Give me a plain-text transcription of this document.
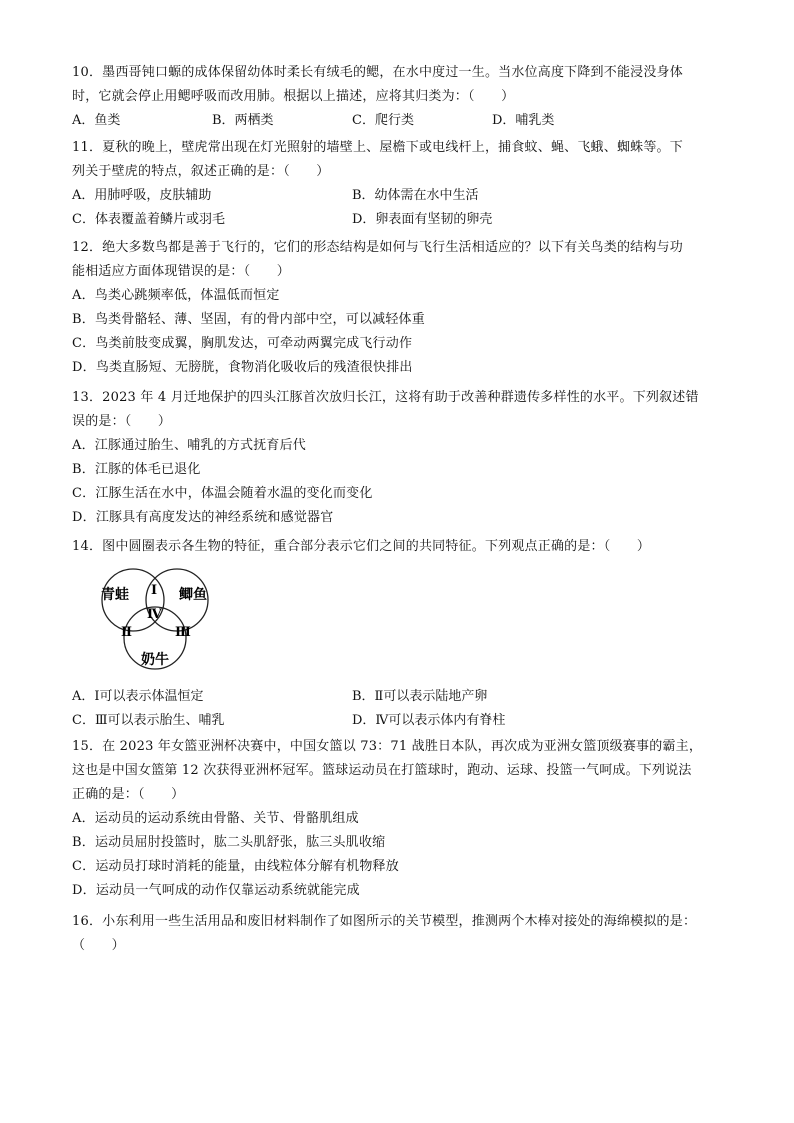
10．墨西哥钝口螈的成体保留幼体时柔长有绒毛的鳃，在水中度过一生。当水位高度下降到不能浸没身体
时，它就会停止用鳃呼吸而改用肺。根据以上描述，应将其归类为：（　　）
A．鱼类	B．两栖类	C．爬行类	D．哺乳类
11．夏秋的晚上，壁虎常出现在灯光照射的墙壁上、屋檐下或电线杆上，捕食蚊、蝇、飞蛾、蜘蛛等。下
列关于壁虎的特点，叙述正确的是：（　　）
A．用肺呼吸，皮肤辅助	B．幼体需在水中生活
C．体表覆盖着鳞片或羽毛	D．卵表面有坚韧的卵壳
12．绝大多数鸟都是善于飞行的，它们的形态结构是如何与飞行生活相适应的？以下有关鸟类的结构与功
能相适应方面体现错误的是：（　　）
A．鸟类心跳频率低，体温低而恒定
B．鸟类骨骼轻、薄、坚固，有的骨内部中空，可以减轻体重
C．鸟类前肢变成翼，胸肌发达，可牵动两翼完成飞行动作
D．鸟类直肠短、无膀胱，食物消化吸收后的残渣很快排出
13．2023 年 4 月迁地保护的四头江豚首次放归长江，这将有助于改善种群遗传多样性的水平。下列叙述错
误的是：（　　）
A．江豚通过胎生、哺乳的方式抚育后代
B．江豚的体毛已退化
C．江豚生活在水中，体温会随着水温的变化而变化
D．江豚具有高度发达的神经系统和感觉器官
14．图中圆圈表示各生物的特征，重合部分表示它们之间的共同特征。下列观点正确的是：（　　）
青蛙	鲫鱼
奶牛
Ⅰ
Ⅱ	Ⅲ
Ⅳ
A．Ⅰ可以表示体温恒定	B．Ⅱ可以表示陆地产卵
C．Ⅲ可以表示胎生、哺乳	D．Ⅳ可以表示体内有脊柱
15．在 2023 年女篮亚洲杯决赛中，中国女篮以 73：71 战胜日本队，再次成为亚洲女篮顶级赛事的霸主，
这也是中国女篮第 12 次获得亚洲杯冠军。篮球运动员在打篮球时，跑动、运球、投篮一气呵成。下列说法
正确的是：（　　）
A．运动员的运动系统由骨骼、关节、骨骼肌组成
B．运动员屈肘投篮时，肱二头肌舒张，肱三头肌收缩
C．运动员打球时消耗的能量，由线粒体分解有机物释放
D．运动员一气呵成的动作仅靠运动系统就能完成
16．小东利用一些生活用品和废旧材料制作了如图所示的关节模型，推测两个木棒对接处的海绵模拟的是：
（　　）
